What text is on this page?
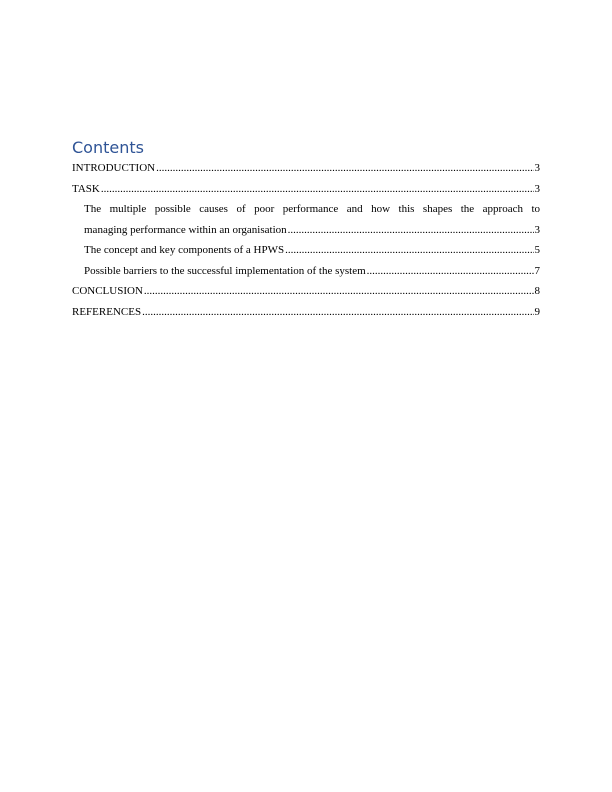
Contents
INTRODUCTION .....	3
TASK .....	3
The multiple possible causes of poor performance and how this shapes the approach to
managing performance within an organisation .....	3
The concept and key components of a HPWS .....	5
Possible barriers to the successful implementation of the system .....	7
CONCLUSION .....	8
REFERENCES .....	9
